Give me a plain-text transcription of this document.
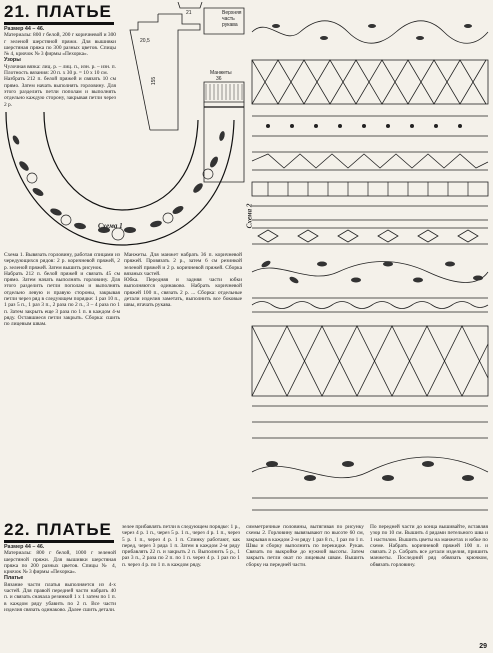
21. ПЛАТЬЕ
Размер 44 – 46.
Материалы: 800 г белой, 200 г коричневой и 300 г зеленой шерстяной пряжи. Для вышивки шерстяная пряжа по 300 разных цветов. Спицы № 4, крючок № 3 фирмы «Пехорка».
Узоры
Чулочная вязка: лиц. р. – лиц. п., изн. р. – изн. п. Плотность вязания: 20 п. х 30 р. = 10 х 10 см.
Назбрать 212 п. белой пряжей и связать 10 см прямо. Затем начать выполнять горловину. Для этого разделить петли пополам и выполнять отдельно каждую сторону, закрывая петли через 2 р.
20,5
155
Верхняя часть рукава
Манжеты
36
21
Схема 1	Схема 2
Схема 1. Вывязать горловину, работая спицами из чередующихся рядов: 2 р. коричневой пряжей, 2 р. зеленой пряжей. Затем вышить рисунок.
Набрать 212 п. белой пряжей и связать 45 см прямо. Затем начать выполнять горловину. Для этого разделить петли пополам и выполнять отдельно левую и правую стороны, закрывая петли через ряд в следующем порядке: 1 раз 10 п., 1 раз 5 п., 1 раз 3 п., 2 раза по 2 п., 3 – 4 раза по 1 п. Затем закрыть еще 3 раза по 1 п. в каждом 4-м ряду. Оставшиеся петли закрыть. Сборка: сшить по лицевым швам.
Манжеты. Для манжет набрать 36 п. коричневой пряжей. Провязать 2 р., затем 6 см резинкой зеленой пряжей и 2 р. коричневой пряжей. Сборка вязаных частей.
Юбка. Передняя и задняя части юбки выполняются одинаково. Набрать коричневой пряжей 100 п., связать 2 р. ... Сборка: отдельные детали изделия заметать, выполнить все боковые швы, втачать рукава.
22. ПЛАТЬЕ
Размер 44 – 46.
Материалы: 800 г белой, 1000 г зеленой шерстяной пряжи. Для вышивки шерстяная пряжа по 200 разных цветов. Спицы № 4, крючок № 3 фирмы «Пехорка».
Платье
Вязание части платья выполняется из 4-х частей. Для правой передней части набрать 40 п. и связать сначала резинкой 1 х 1 затем по 1 п. в каждом ряду убавить по 2 п. Все части изделия связать одинаково. Далее сшить детали.
зелее прибавлять петли в следующем порядке: 1 р., через 4 р. 1 п., через 5 р. 1 п., через 4 р. 1 п., через 5 р. 1 п., через 4 р. 1 п. Спинку работают, как перед, через 3 ряда 1 п. Затем в каждом 2-м ряду прибавлять 22 п. и закрыть 2 п. Выполнить 5 р., 1 раз 3 п., 2 раза по 2 п. по 1 п. через 4 р. 1 раз по 1 п. через 4 р. по 1 п. в каждом ряду.
симметричные половины, вытягивая по рисунку схемы 2. Горловину вывязывают по высоте 60 см, закрывая в каждом 2-м ряду 1 раз 8 п., 1 раз по 1 п. Швы и сборку выполнить по перекидке. Рукав. Связать по выкройке до нужной высоты. Затем закрыть петли окат по лицевым швам. Вышить сборку на передней части.
По передней части до конца вышивайте, вставляя узор по 10 см. Вышить 4 рядами петельного шва и 1 настилом. Вышить цветы на манжетах и юбке по схеме. Набрать коричневой пряжей 100 п. и связать 2 р. Собрать все детали изделия, пришить манжеты. Последний ряд обвязать крючком, обвязать горловину.
29
